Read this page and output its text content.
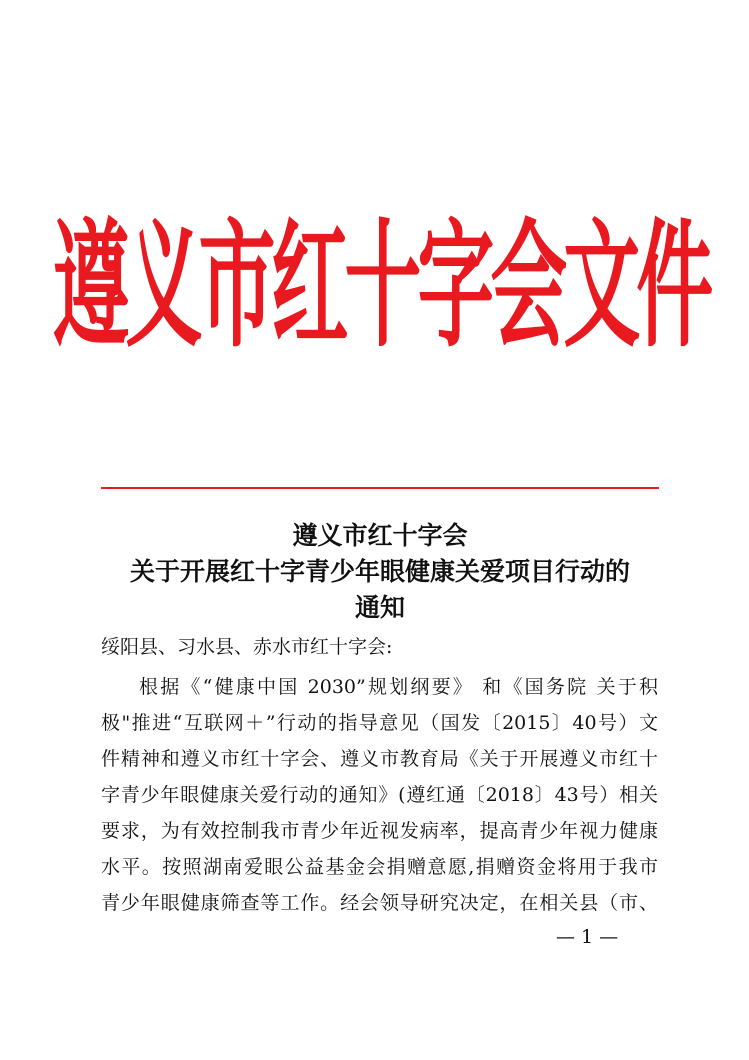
遵义市红十字会文件
遵义市红十字会
关于开展红十字青少年眼健康关爱项目行动的
通知
绥阳县、习水县、赤水市红十字会:
根据《“健康中国 2030”规划纲要》 和《国务院 关于积
极"推进“互联网＋”行动的指导意见（国发〔2015〕40号）文
件精神和遵义市红十字会、遵义市教育局《关于开展遵义市红十
字青少年眼健康关爱行动的通知》(遵红通〔2018〕43号）相关
要求，为有效控制我市青少年近视发病率，提高青少年视力健康
水平。按照湖南爱眼公益基金会捐赠意愿,捐赠资金将用于我市
青少年眼健康筛查等工作。经会领导研究决定，在相关县（市、
— 1 —
